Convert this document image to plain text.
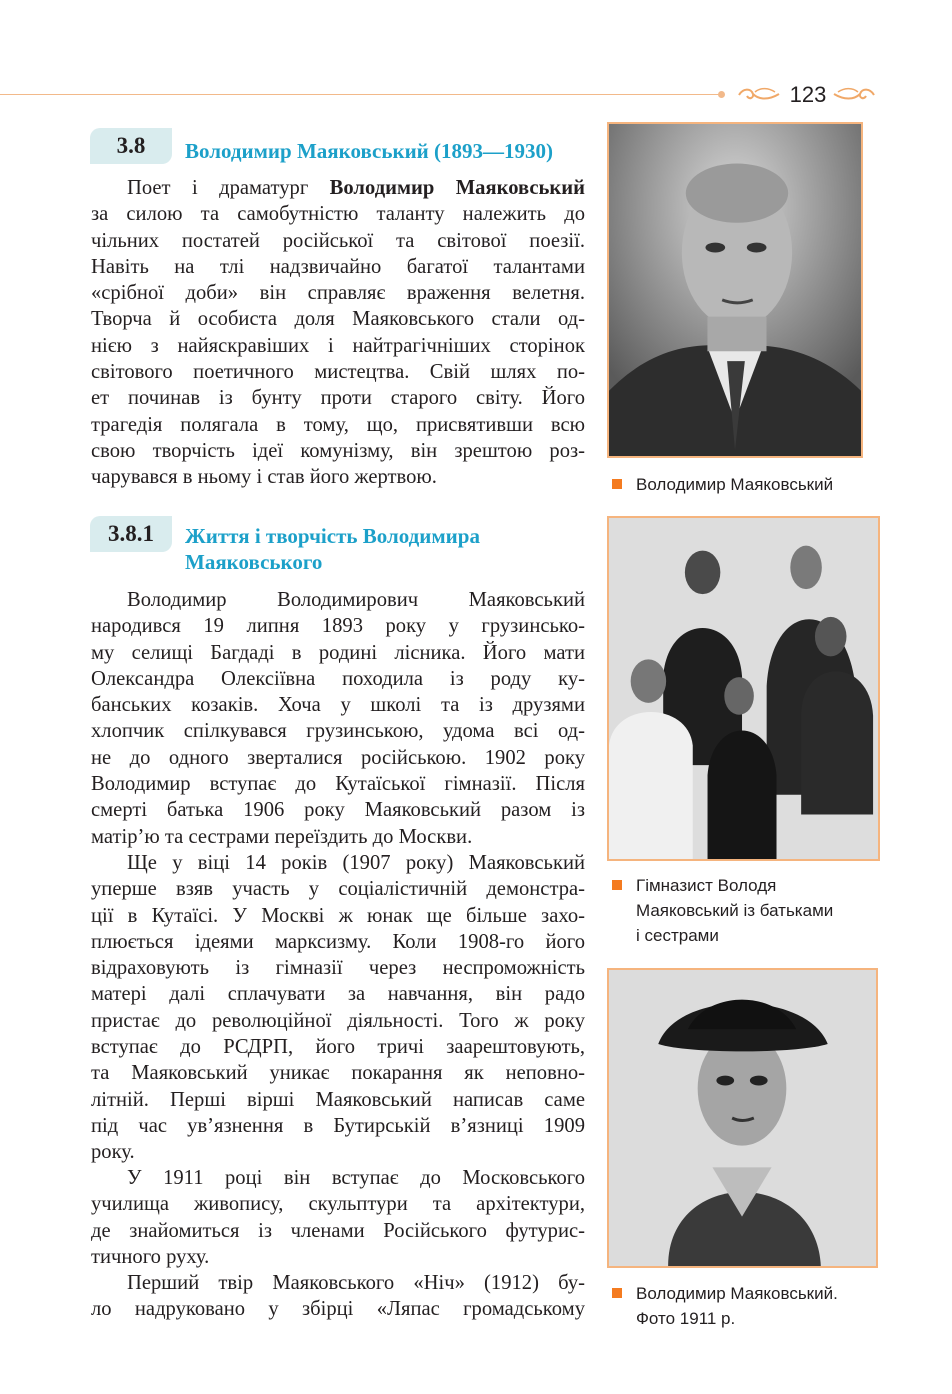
123
3.8	Володимир Маяковський (1893—1930)
Поет і драматург Володимир Маяковський
за силою та самобутністю таланту належить до
чільних постатей російської та світової поезії.
Навіть на тлі надзвичайно багатої талантами
«срібної доби» він справляє враження велетня.
Творча й особиста доля Маяковського стали од-
нією з найяскравіших і найтрагічніших сторінок
світового поетичного мистецтва. Свій шлях по-
ет починав із бунту проти старого світу. Його
трагедія полягала в тому, що, присвятивши всю
свою творчість ідеї комунізму, він зрештою роз-
чарувався в ньому і став його жертвою.
3.8.1	Життя і творчість Володимира
Маяковського
Володимир Володимирович Маяковський
народився 19 липня 1893 року у грузинсько-
му селищі Багдаді в родині лісника. Його мати
Олександра Олексіївна походила із роду ку-
банських козаків. Хоча у школі та із друзями
хлопчик спілкувався грузинською, удома всі од-
не до одного зверталися російською. 1902 року
Володимир вступає до Кутаїської гімназії. Після
смерті батька 1906 року Маяковський разом із
матір’ю та сестрами переїздить до Москви.
Ще у віці 14 років (1907 року) Маяковський
уперше взяв участь у соціалістичній демонстра-
ції в Кутаїсі. У Москві ж юнак ще більше захо-
плюється ідеями марксизму. Коли 1908-го його
відраховують із гімназії через неспроможність
матері далі сплачувати за навчання, він радо
пристає до революційної діяльності. Того ж року
вступає до РСДРП, його тричі заарештовують,
та Маяковський уникає покарання як неповно-
літній. Перші вірші Маяковський написав саме
під час ув’язнення в Бутирській в’язниці 1909
року.
У 1911 році він вступає до Московського
училища живопису, скульптури та архітектури,
де знайомиться із членами Російського футурис-
тичного руху.
Перший твір Маяковського «Ніч» (1912) бу-
ло надруковано у збірці «Ляпас громадському
Володимир Маяковський
Гімназист Володя
Маяковський із батьками
і сестрами
Володимир Маяковський.
Фото 1911 р.
